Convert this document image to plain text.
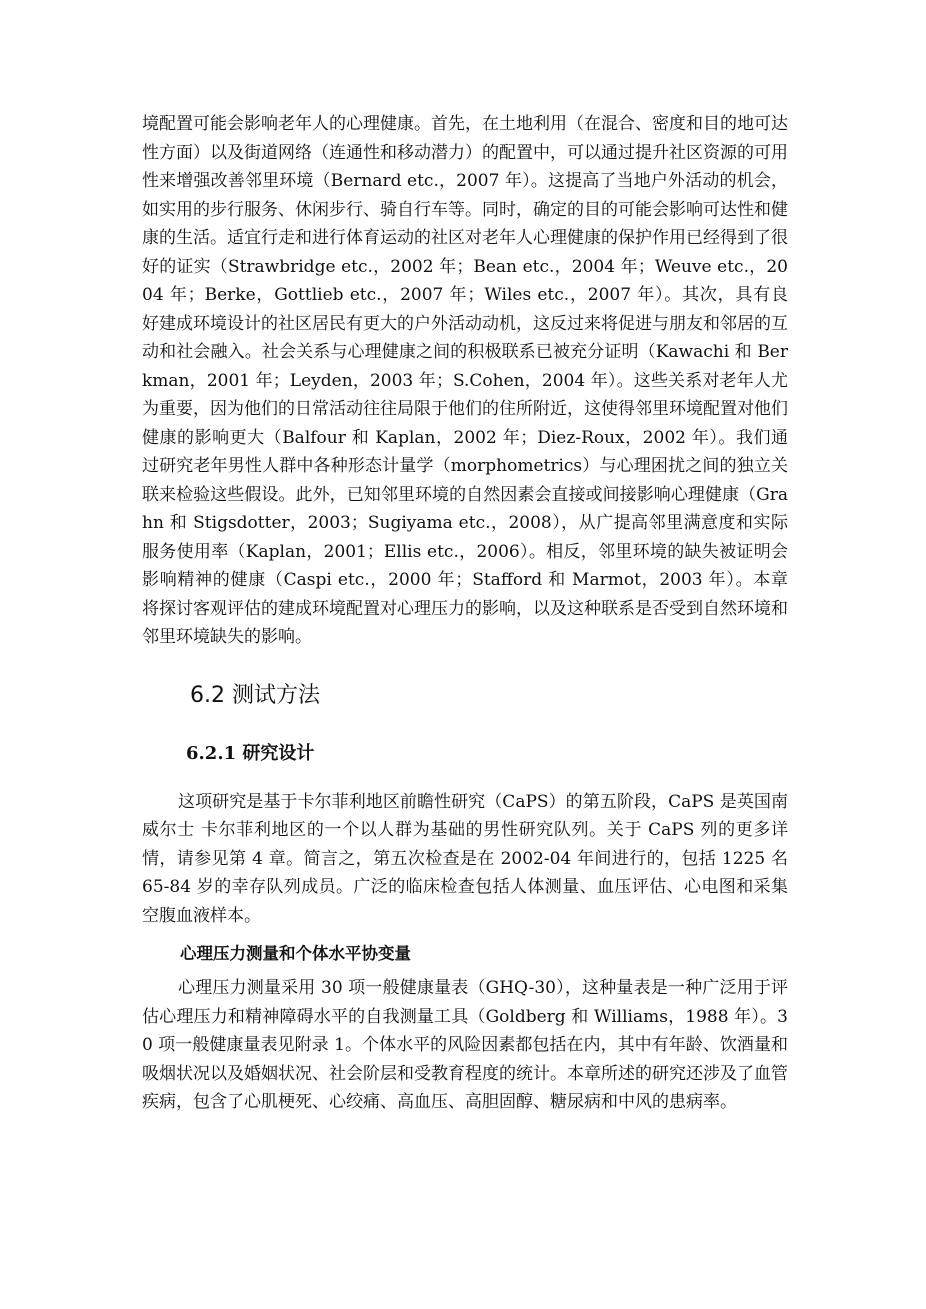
境配置可能会影响老年人的心理健康。首先，在土地利用（在混合、密度和目的地可达性方面）以及街道网络（连通性和移动潜力）的配置中，可以通过提升社区资源的可用性来增强改善邻里环境（Bernard etc.，2007 年）。这提高了当地户外活动的机会，如实用的步行服务、休闲步行、骑自行车等。同时，确定的目的可能会影响可达性和健康的生活。适宜行走和进行体育运动的社区对老年人心理健康的保护作用已经得到了很好的证实（Strawbridge etc.，2002 年；Bean etc.，2004 年；Weuve etc.，2004 年；Berke，Gottlieb etc.，2007 年；Wiles etc.，2007 年）。其次，具有良好建成环境设计的社区居民有更大的户外活动动机，这反过来将促进与朋友和邻居的互动和社会融入。社会关系与心理健康之间的积极联系已被充分证明（Kawachi 和 Berkman，2001 年；Leyden，2003 年；S.Cohen，2004 年）。这些关系对老年人尤为重要，因为他们的日常活动往往局限于他们的住所附近，这使得邻里环境配置对他们健康的影响更大（Balfour 和 Kaplan，2002 年；Diez-Roux，2002 年）。我们通过研究老年男性人群中各种形态计量学（morphometrics）与心理困扰之间的独立关联来检验这些假设。此外，已知邻里环境的自然因素会直接或间接影响心理健康（Grahn 和 Stigsdotter，2003；Sugiyama etc.，2008），从广提高邻里满意度和实际服务使用率（Kaplan，2001；Ellis etc.，2006）。相反，邻里环境的缺失被证明会影响精神的健康（Caspi etc.，2000 年；Stafford 和 Marmot，2003 年）。本章将探讨客观评估的建成环境配置对心理压力的影响，以及这种联系是否受到自然环境和邻里环境缺失的影响。

6.2 测试方法
6.2.1 研究设计

这项研究是基于卡尔菲利地区前瞻性研究（CaPS）的第五阶段，CaPS 是英国南威尔士 卡尔菲利地区的一个以人群为基础的男性研究队列。关于 CaPS 列的更多详情，请参见第 4 章。简言之，第五次检查是在 2002-04 年间进行的，包括 1225 名 65-84 岁的幸存队列成员。广泛的临床检查包括人体测量、血压评估、心电图和采集空腹血液样本。

心理压力测量和个体水平协变量

心理压力测量采用 30 项一般健康量表（GHQ-30），这种量表是一种广泛用于评估心理压力和精神障碍水平的自我测量工具（Goldberg 和 Williams，1988 年）。30 项一般健康量表见附录 1。个体水平的风险因素都包括在内，其中有年龄、饮酒量和吸烟状况以及婚姻状况、社会阶层和受教育程度的统计。本章所述的研究还涉及了血管疾病，包含了心肌梗死、心绞痛、高血压、高胆固醇、糖尿病和中风的患病率。
